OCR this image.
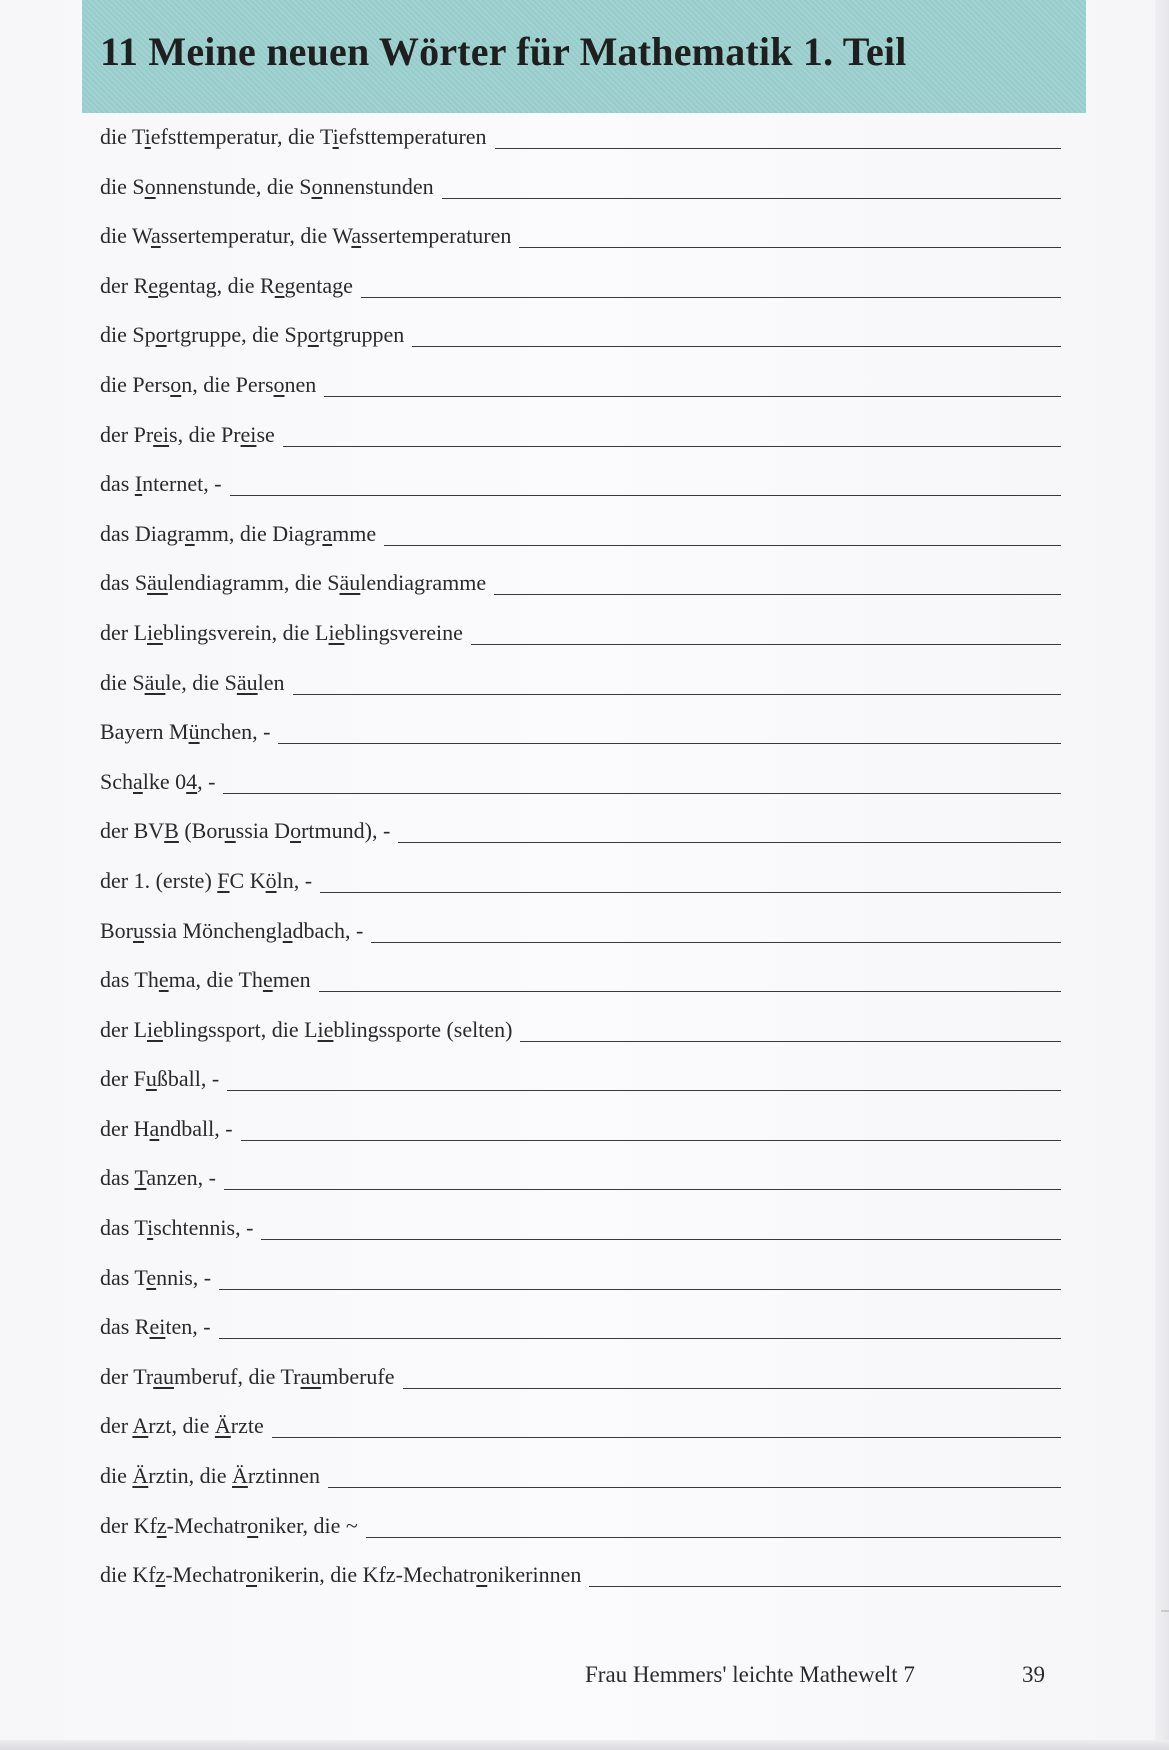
11 Meine neuen Wörter für Mathematik 1. Teil
die Tiefsttemperatur, die Tiefsttemperaturen
die Sonnenstunde, die Sonnenstunden
die Wassertemperatur, die Wassertemperaturen
der Regentag, die Regentage
die Sportgruppe, die Sportgruppen
die Person, die Personen
der Preis, die Preise
das Internet, -
das Diagramm, die Diagramme
das Säulendiagramm, die Säulendiagramme
der Lieblingsverein, die Lieblingsvereine
die Säule, die Säulen
Bayern München, -
Schalke 04, -
der BVB (Borussia Dortmund), -
der 1. (erste) FC Köln, -
Borussia Mönchengladbach, -
das Thema, die Themen
der Lieblingssport, die Lieblingssporte (selten)
der Fußball, -
der Handball, -
das Tanzen, -
das Tischtennis, -
das Tennis, -
das Reiten, -
der Traumberuf, die Traumberufe
der Arzt, die Ärzte
die Ärztin, die Ärztinnen
der Kfz-Mechatroniker, die ~
die Kfz-Mechatronikerin, die Kfz-Mechatronikerinnen
Frau Hemmers' leichte Mathewelt 7	39
